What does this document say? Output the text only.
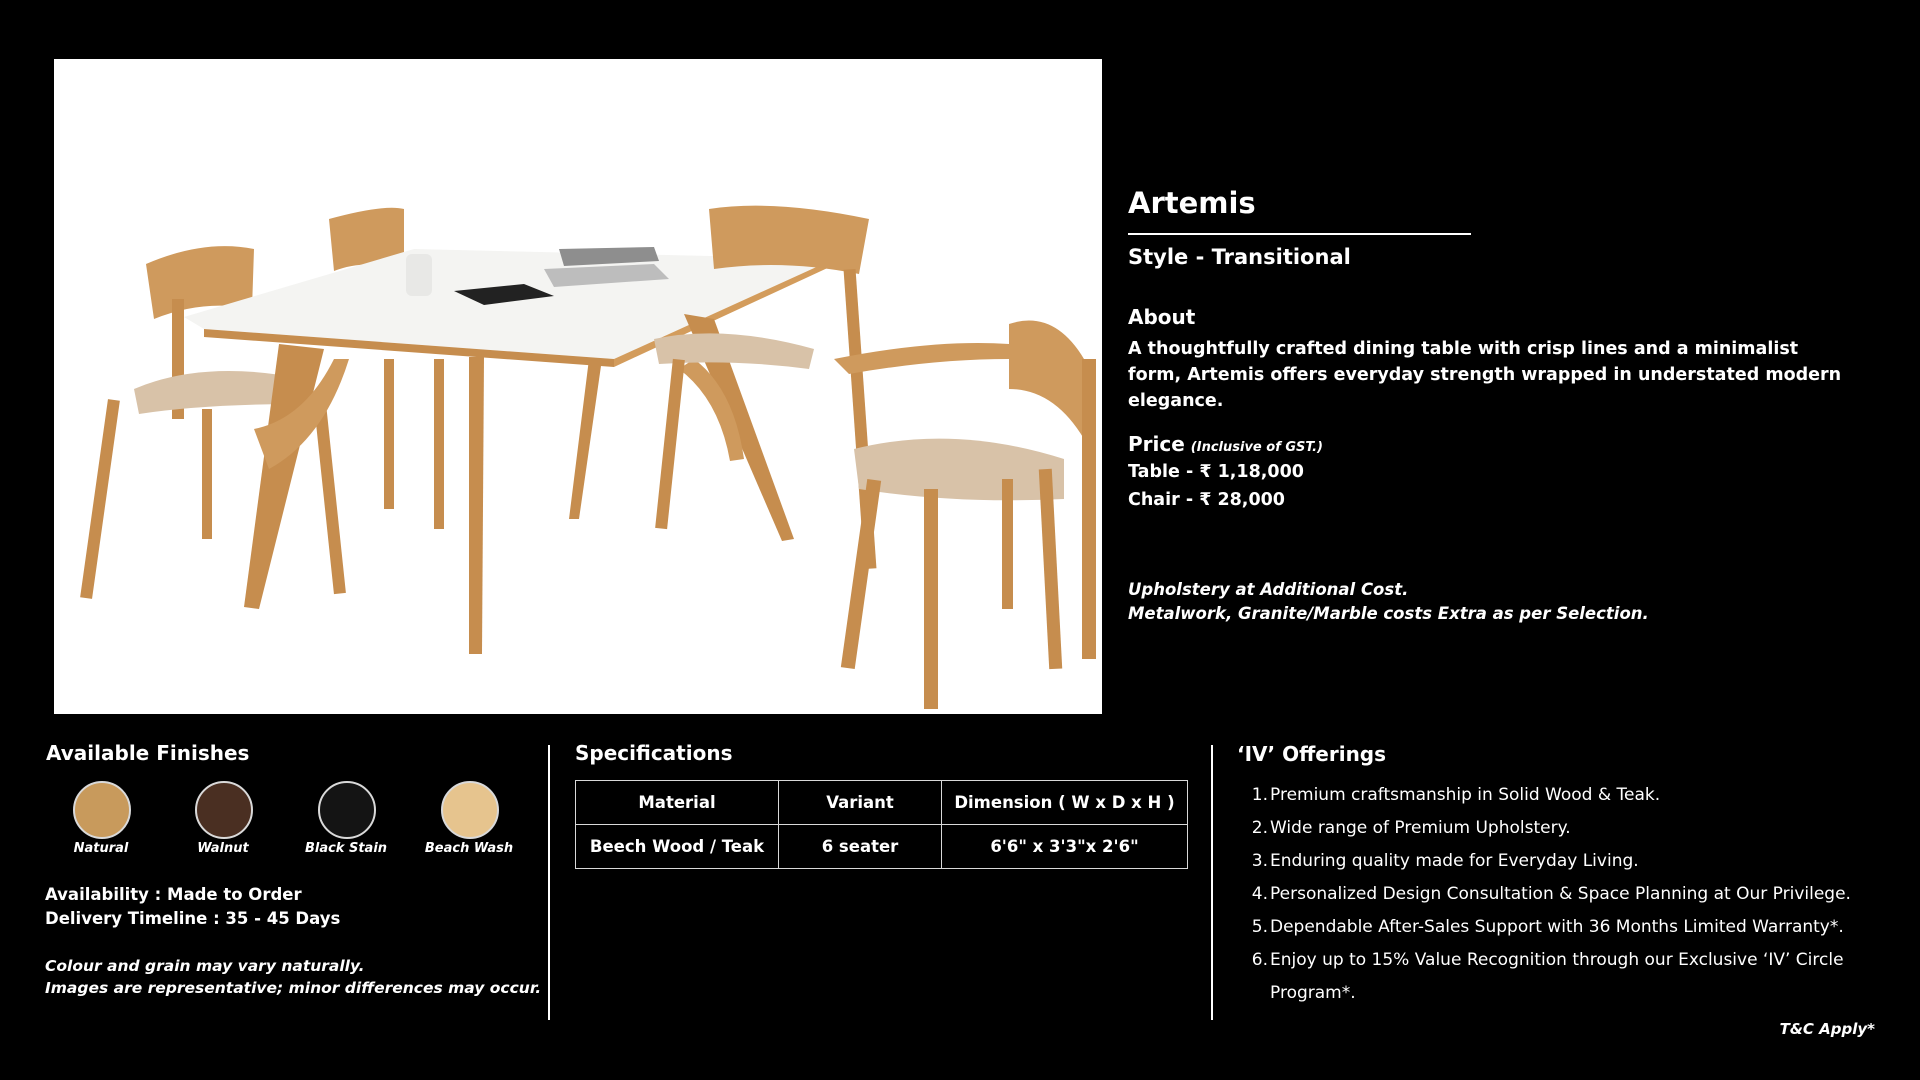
Artemis
Style - Transitional
About
A thoughtfully crafted dining table with crisp lines and a minimalist form, Artemis offers everyday strength wrapped in understated modern elegance.
Price (Inclusive of GST.)
Table - ₹ 1,18,000
Chair - ₹ 28,000
Upholstery at Additional Cost.
Metalwork, Granite/Marble costs Extra as per Selection.
Available Finishes
Natural	Walnut	Black Stain	Beach Wash
Availability : Made to Order
Delivery Timeline : 35 - 45 Days
Colour and grain may vary naturally.
Images are representative; minor differences may occur.
Specifications
Material	Variant	Dimension ( W x D x H )
Beech Wood / Teak	6 seater	6'6" x 3'3"x 2'6"
‘IV’ Offerings
1. Premium craftsmanship in Solid Wood & Teak.
2. Wide range of Premium Upholstery.
3. Enduring quality made for Everyday Living.
4. Personalized Design Consultation & Space Planning at Our Privilege.
5. Dependable After-Sales Support with 36 Months Limited Warranty*.
6. Enjoy up to 15% Value Recognition through our Exclusive ‘IV’ Circle Program*.
T&C Apply*
